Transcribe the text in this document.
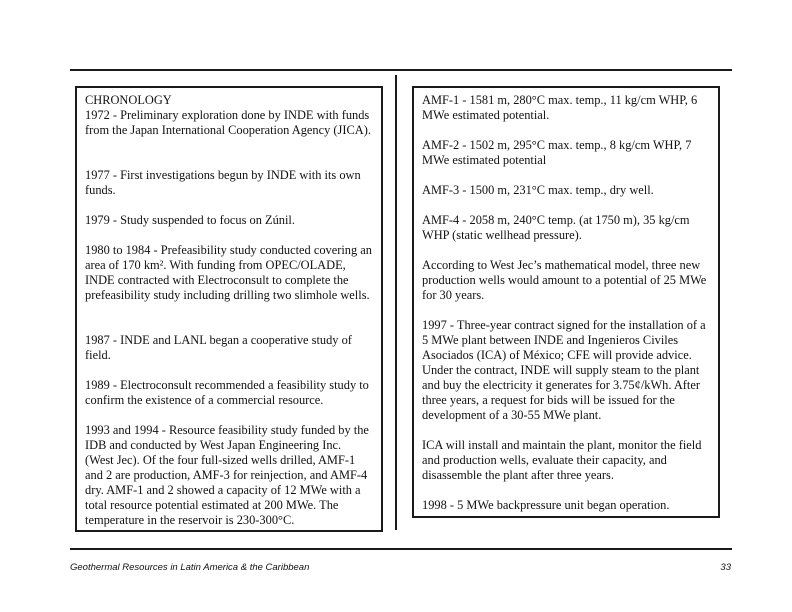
CHRONOLOGY

1972 - Preliminary exploration done by INDE with funds from the Japan International Cooperation Agency (JICA).

1977 - First investigations begun by INDE with its own funds.

1979 - Study suspended to focus on Zúnil.

1980 to 1984 - Prefeasibility study conducted covering an area of 170 km². With funding from OPEC/OLADE, INDE contracted with Electroconsult to complete the prefeasibility study including drilling two slimhole wells.

1987 - INDE and LANL began a cooperative study of field.

1989 - Electroconsult recommended a feasibility study to confirm the existence of a commercial resource.

1993 and 1994 - Resource feasibility study funded by the IDB and conducted by West Japan Engineering Inc. (West Jec). Of the four full-sized wells drilled, AMF-1 and 2 are production, AMF-3 for reinjection, and AMF-4 dry. AMF-1 and 2 showed a capacity of 12 MWe with a total resource potential estimated at 200 MWe. The temperature in the reservoir is 230-300°C.

AMF-1 - 1581 m, 280°C max. temp., 11 kg/cm WHP, 6 MWe estimated potential.

AMF-2 - 1502 m, 295°C max. temp., 8 kg/cm WHP, 7 MWe estimated potential

AMF-3 - 1500 m, 231°C max. temp., dry well.

AMF-4 - 2058 m, 240°C temp. (at 1750 m), 35 kg/cm WHP (static wellhead pressure).

According to West Jec’s mathematical model, three new production wells would amount to a potential of 25 MWe for 30 years.

1997 - Three-year contract signed for the installation of a 5 MWe plant between INDE and Ingenieros Civiles Asociados (ICA) of México; CFE will provide advice. Under the contract, INDE will supply steam to the plant and buy the electricity it generates for 3.75¢/kWh. After three years, a request for bids will be issued for the development of a 30-55 MWe plant.

ICA will install and maintain the plant, monitor the field and production wells, evaluate their capacity, and disassemble the plant after three years.

1998 - 5 MWe backpressure unit began operation.

Geothermal Resources in Latin America & the Caribbean	33
